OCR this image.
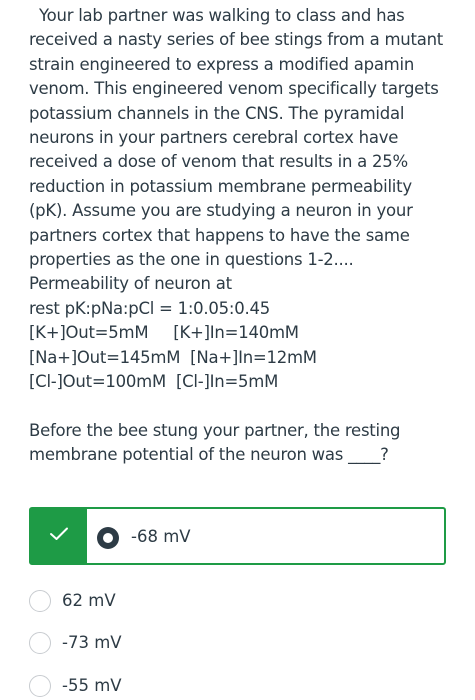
Your lab partner was walking to class and has received a nasty series of bee stings from a mutant strain engineered to express a modified apamin venom. This engineered venom specifically targets potassium channels in the CNS. The pyramidal neurons in your partners cerebral cortex have received a dose of venom that results in a 25% reduction in potassium membrane permeability (pK). Assume you are studying a neuron in your partners cortex that happens to have the same properties as the one in questions 1-2....

Permeability of neuron at
rest pK:pNa:pCl = 1:0.05:0.45
[K+]Out=5mM     [K+]In=140mM
[Na+]Out=145mM  [Na+]In=12mM
[Cl-]Out=100mM  [Cl-]In=5mM

Before the bee stung your partner, the resting membrane potential of the neuron was ____?

-68 mV
62 mV
-73 mV
-55 mV
